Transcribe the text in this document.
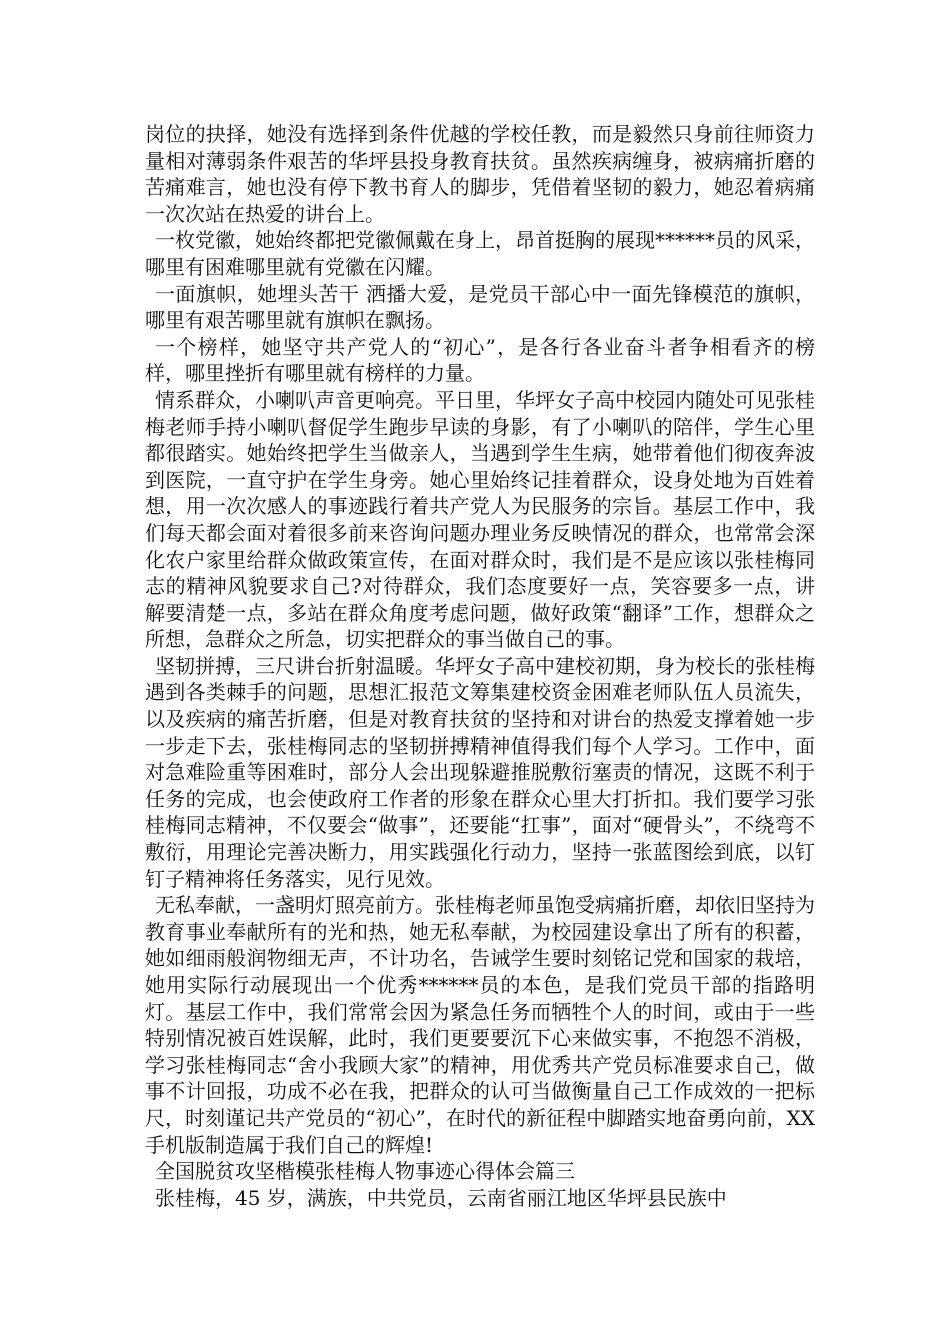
岗位的抉择，她没有选择到条件优越的学校任教，而是毅然只身前往师资力量相对薄弱条件艰苦的华坪县投身教育扶贫。虽然疾病缠身，被病痛折磨的苦痛难言，她也没有停下教书育人的脚步，凭借着坚韧的毅力，她忍着病痛一次次站在热爱的讲台上。

一枚党徽，她始终都把党徽佩戴在身上，昂首挺胸的展现******员的风采，哪里有困难哪里就有党徽在闪耀。

一面旗帜，她埋头苦干 洒播大爱，是党员干部心中一面先锋模范的旗帜，哪里有艰苦哪里就有旗帜在飘扬。

一个榜样，她坚守共产党人的“初心”，是各行各业奋斗者争相看齐的榜样，哪里挫折有哪里就有榜样的力量。

情系群众，小喇叭声音更响亮。平日里，华坪女子高中校园内随处可见张桂梅老师手持小喇叭督促学生跑步早读的身影，有了小喇叭的陪伴，学生心里都很踏实。她始终把学生当做亲人，当遇到学生生病，她带着他们彻夜奔波到医院，一直守护在学生身旁。她心里始终记挂着群众，设身处地为百姓着想，用一次次感人的事迹践行着共产党人为民服务的宗旨。基层工作中，我们每天都会面对着很多前来咨询问题办理业务反映情况的群众，也常常会深化农户家里给群众做政策宣传，在面对群众时，我们是不是应该以张桂梅同志的精神风貌要求自己?对待群众，我们态度要好一点，笑容要多一点，讲解要清楚一点，多站在群众角度考虑问题，做好政策“翻译”工作，想群众之所想，急群众之所急，切实把群众的事当做自己的事。

坚韧拼搏，三尺讲台折射温暖。华坪女子高中建校初期，身为校长的张桂梅遇到各类棘手的问题，思想汇报范文筹集建校资金困难老师队伍人员流失，以及疾病的痛苦折磨，但是对教育扶贫的坚持和对讲台的热爱支撑着她一步一步走下去，张桂梅同志的坚韧拼搏精神值得我们每个人学习。工作中，面对急难险重等困难时，部分人会出现躲避推脱敷衍塞责的情况，这既不利于任务的完成，也会使政府工作者的形象在群众心里大打折扣。我们要学习张桂梅同志精神，不仅要会“做事”，还要能“扛事”，面对“硬骨头”，不绕弯不敷衍，用理论完善决断力，用实践强化行动力，坚持一张蓝图绘到底，以钉钉子精神将任务落实，见行见效。

无私奉献，一盏明灯照亮前方。张桂梅老师虽饱受病痛折磨，却依旧坚持为教育事业奉献所有的光和热，她无私奉献，为校园建设拿出了所有的积蓄，她如细雨般润物细无声，不计功名，告诫学生要时刻铭记党和国家的栽培，她用实际行动展现出一个优秀******员的本色，是我们党员干部的指路明灯。基层工作中，我们常常会因为紧急任务而牺牲个人的时间，或由于一些特别情况被百姓误解，此时，我们更要要沉下心来做实事，不抱怨不消极，学习张桂梅同志“舍小我顾大家”的精神，用优秀共产党员标准要求自己，做事不计回报，功成不必在我，把群众的认可当做衡量自己工作成效的一把标尺，时刻谨记共产党员的“初心”，在时代的新征程中脚踏实地奋勇向前，XX手机版制造属于我们自己的辉煌!

全国脱贫攻坚楷模张桂梅人物事迹心得体会篇三

张桂梅，45 岁，满族，中共党员，云南省丽江地区华坪县民族中
